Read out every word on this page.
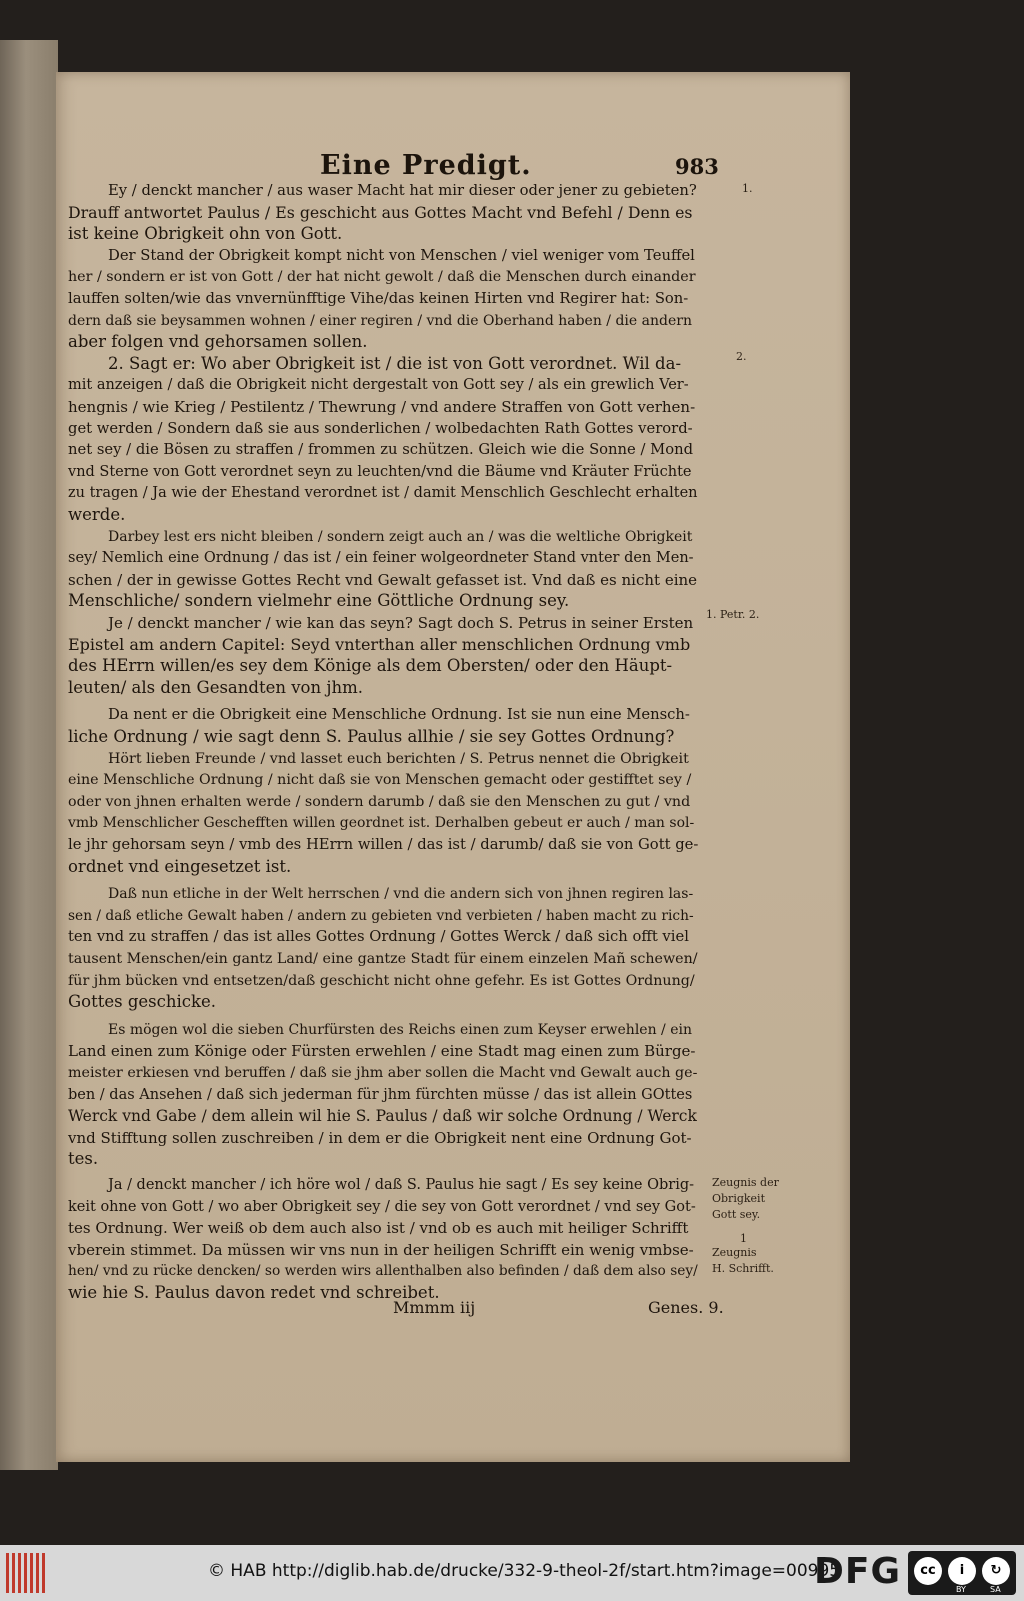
Eine Predigt.	983
Ey / denckt mancher / aus waser Macht hat mir dieser oder jener zu gebieten?
Drauff antwortet Paulus / Es geschicht aus Gottes Macht vnd Befehl / Denn es
ist keine Obrigkeit ohn von Gott.
Der Stand der Obrigkeit kompt nicht von Menschen / viel weniger vom Teuffel
her / sondern er ist von Gott / der hat nicht gewolt / daß die Menschen durch einander
lauffen solten/wie das vnvernünfftige Vihe/das keinen Hirten vnd Regirer hat: Son-
dern daß sie beysammen wohnen / einer regiren / vnd die Oberhand haben / die andern
aber folgen vnd gehorsamen sollen.
2. Sagt er: Wo aber Obrigkeit ist / die ist von Gott verordnet. Wil da-
mit anzeigen / daß die Obrigkeit nicht dergestalt von Gott sey / als ein grewlich Ver-
hengnis / wie Krieg / Pestilentz / Thewrung / vnd andere Straffen von Gott verhen-
get werden / Sondern daß sie aus sonderlichen / wolbedachten Rath Gottes verord-
net sey / die Bösen zu straffen / frommen zu schützen. Gleich wie die Sonne / Mond
vnd Sterne von Gott verordnet seyn zu leuchten/vnd die Bäume vnd Kräuter Früchte
zu tragen / Ja wie der Ehestand verordnet ist / damit Menschlich Geschlecht erhalten
werde.
Darbey lest ers nicht bleiben / sondern zeigt auch an / was die weltliche Obrigkeit
sey/ Nemlich eine Ordnung / das ist / ein feiner wolgeordneter Stand vnter den Men-
schen / der in gewisse Gottes Recht vnd Gewalt gefasset ist. Vnd daß es nicht eine
Menschliche/ sondern vielmehr eine Göttliche Ordnung sey.
Je / denckt mancher / wie kan das seyn? Sagt doch S. Petrus in seiner Ersten
Epistel am andern Capitel: Seyd vnterthan aller menschlichen Ordnung vmb
des HErrn willen/es sey dem Könige als dem Obersten/ oder den Häupt-
leuten/ als den Gesandten von jhm.
Da nent er die Obrigkeit eine Menschliche Ordnung. Ist sie nun eine Mensch-
liche Ordnung / wie sagt denn S. Paulus allhie / sie sey Gottes Ordnung?
Hört lieben Freunde / vnd lasset euch berichten / S. Petrus nennet die Obrigkeit
eine Menschliche Ordnung / nicht daß sie von Menschen gemacht oder gestifftet sey /
oder von jhnen erhalten werde / sondern darumb / daß sie den Menschen zu gut / vnd
vmb Menschlicher Geschefften willen geordnet ist. Derhalben gebeut er auch / man sol-
le jhr gehorsam seyn / vmb des HErrn willen / das ist / darumb/ daß sie von Gott ge-
ordnet vnd eingesetzet ist.
Daß nun etliche in der Welt herrschen / vnd die andern sich von jhnen regiren las-
sen / daß etliche Gewalt haben / andern zu gebieten vnd verbieten / haben macht zu rich-
ten vnd zu straffen / das ist alles Gottes Ordnung / Gottes Werck / daß sich offt viel
tausent Menschen/ein gantz Land/ eine gantze Stadt für einem einzelen Mañ schewen/
für jhm bücken vnd entsetzen/daß geschicht nicht ohne gefehr. Es ist Gottes Ordnung/
Gottes geschicke.
Es mögen wol die sieben Churfürsten des Reichs einen zum Keyser erwehlen / ein
Land einen zum Könige oder Fürsten erwehlen / eine Stadt mag einen zum Bürge-
meister erkiesen vnd beruffen / daß sie jhm aber sollen die Macht vnd Gewalt auch ge-
ben / das Ansehen / daß sich jederman für jhm fürchten müsse / das ist allein GOttes
Werck vnd Gabe / dem allein wil hie S. Paulus / daß wir solche Ordnung / Werck
vnd Stifftung sollen zuschreiben / in dem er die Obrigkeit nent eine Ordnung Got-
tes.
Ja / denckt mancher / ich höre wol / daß S. Paulus hie sagt / Es sey keine Obrig-
keit ohne von Gott / wo aber Obrigkeit sey / die sey von Gott verordnet / vnd sey Got-
tes Ordnung. Wer weiß ob dem auch also ist / vnd ob es auch mit heiliger Schrifft
vberein stimmet. Da müssen wir vns nun in der heiligen Schrifft ein wenig vmbse-
hen/ vnd zu rücke dencken/ so werden wirs allenthalben also befinden / daß dem also sey/
wie hie S. Paulus davon redet vnd schreibet.
1.
2.
1. Petr. 2.
Zeugnis der
Obrigkeit
Gott sey.
1
Zeugnis
H. Schrifft.
Mmmm iij	Genes. 9.
© HAB http://diglib.hab.de/drucke/332-9-theol-2f/start.htm?image=00995
DFG	cc	i	↻
BY	SA
